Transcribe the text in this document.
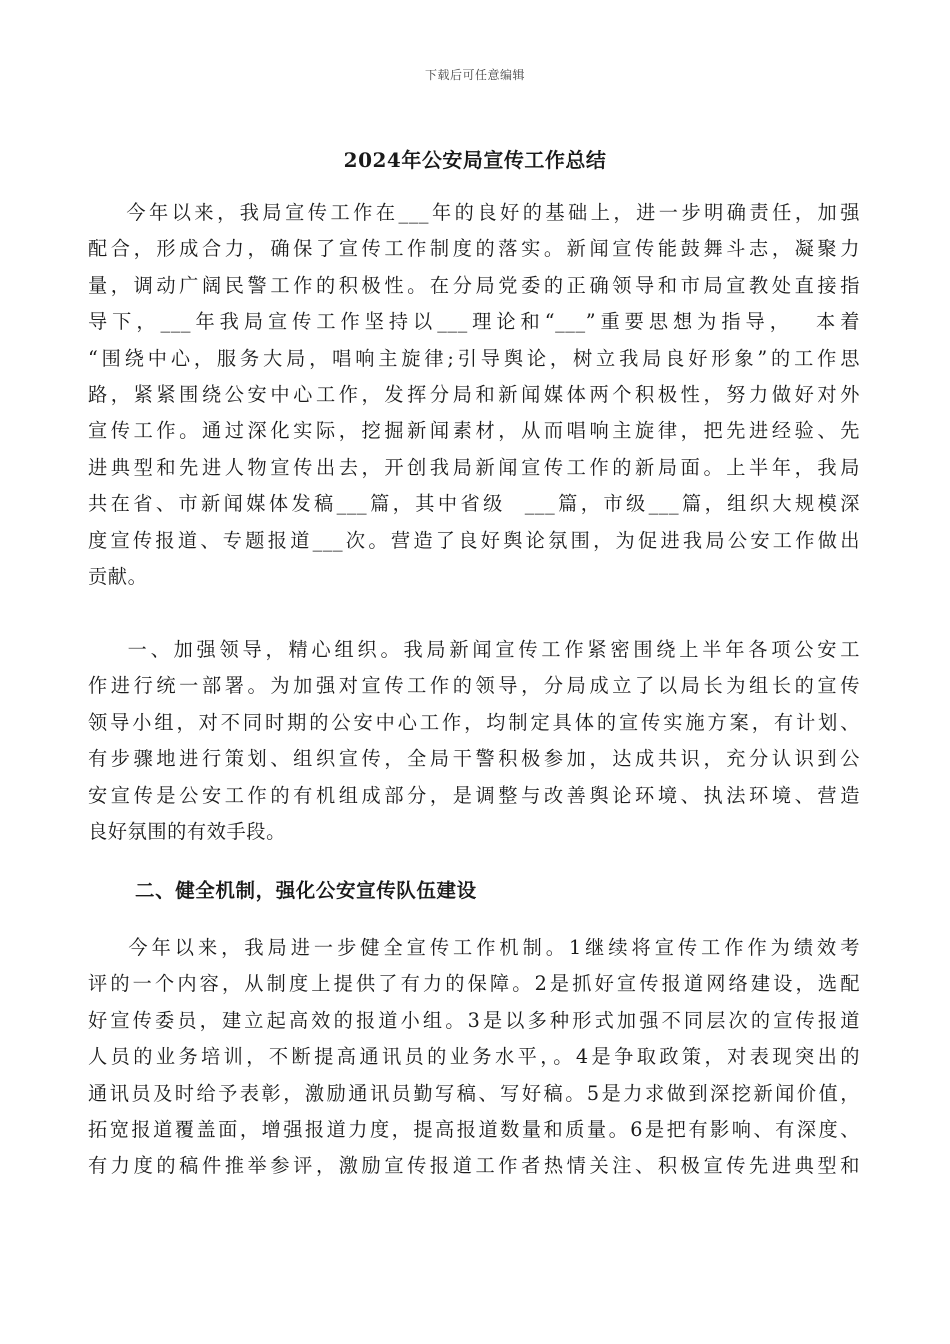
下载后可任意编辑
2024年公安局宣传工作总结
今年以来，我局宣传工作在___年的良好的基础上，进一步明确责任，加强
配合，形成合力，确保了宣传工作制度的落实。新闻宣传能鼓舞斗志，凝聚力
量，调动广阔民警工作的积极性。在分局党委的正确领导和市局宣教处直接指
导下，___年我局宣传工作坚持以___理论和“___”重要思想为指导，  本着
“围绕中心，服务大局，唱响主旋律;引导舆论，树立我局良好形象”的工作思
路，紧紧围绕公安中心工作，发挥分局和新闻媒体两个积极性，努力做好对外
宣传工作。通过深化实际，挖掘新闻素材，从而唱响主旋律，把先进经验、先
进典型和先进人物宣传出去，开创我局新闻宣传工作的新局面。上半年，我局
共在省、市新闻媒体发稿___篇，其中省级  ___篇，市级___篇，组织大规模深
度宣传报道、专题报道___次。营造了良好舆论氛围，为促进我局公安工作做出
贡献。
一、加强领导，精心组织。我局新闻宣传工作紧密围绕上半年各项公安工
作进行统一部署。为加强对宣传工作的领导，分局成立了以局长为组长的宣传
领导小组，对不同时期的公安中心工作，均制定具体的宣传实施方案，有计划、
有步骤地进行策划、组织宣传，全局干警积极参加，达成共识，充分认识到公
安宣传是公安工作的有机组成部分，是调整与改善舆论环境、执法环境、营造
良好氛围的有效手段。
二、健全机制，强化公安宣传队伍建设
今年以来，我局进一步健全宣传工作机制。1继续将宣传工作作为绩效考
评的一个内容，从制度上提供了有力的保障。2是抓好宣传报道网络建设，选配
好宣传委员，建立起高效的报道小组。3是以多种形式加强不同层次的宣传报道
人员的业务培训，不断提高通讯员的业务水平，。4是争取政策，对表现突出的
通讯员及时给予表彰，激励通讯员勤写稿、写好稿。5是力求做到深挖新闻价值，
拓宽报道覆盖面，增强报道力度，提高报道数量和质量。6是把有影响、有深度、
有力度的稿件推举参评，激励宣传报道工作者热情关注、积极宣传先进典型和
